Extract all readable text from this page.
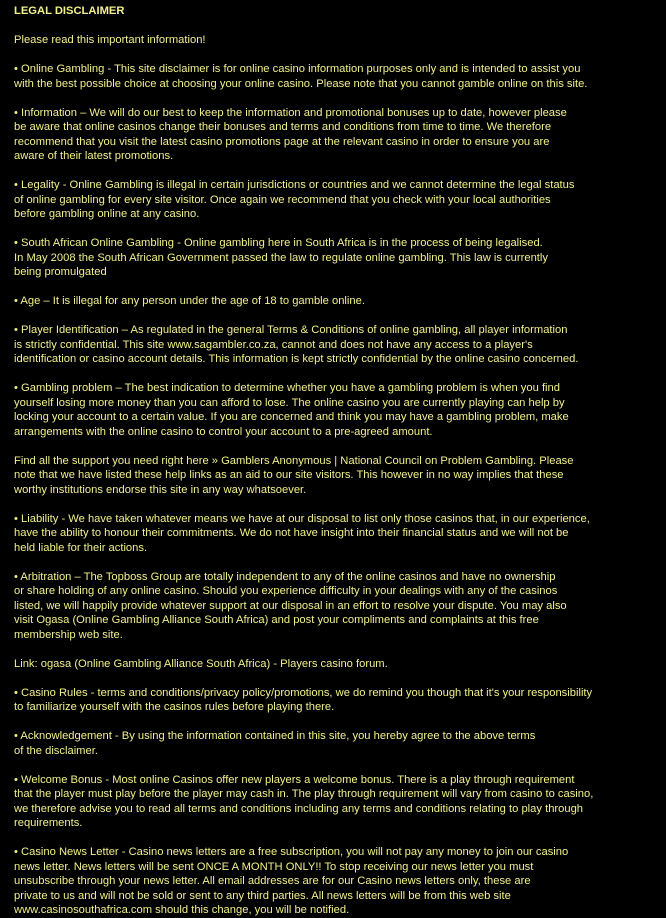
LEGAL DISCLAIMER
Please read this important information!
• Online Gambling - This site disclaimer is for online casino information purposes only and is intended to assist you
with the best possible choice at choosing your online casino. Please note that you cannot gamble online on this site.
• Information – We will do our best to keep the information and promotional bonuses up to date, however please
be aware that online casinos change their bonuses and terms and conditions from time to time. We therefore
recommend that you visit the latest casino promotions page at the relevant casino in order to ensure you are
aware of their latest promotions.
• Legality - Online Gambling is illegal in certain jurisdictions or countries and we cannot determine the legal status
of online gambling for every site visitor. Once again we recommend that you check with your local authorities
before gambling online at any casino.
• South African Online Gambling - Online gambling here in South Africa is in the process of being legalised.
In May 2008 the South African Government passed the law to regulate online gambling. This law is currently
being promulgated
• Age – It is illegal for any person under the age of 18 to gamble online.
• Player Identification – As regulated in the general Terms & Conditions of online gambling, all player information
is strictly confidential. This site www.sagambler.co.za, cannot and does not have any access to a player's
identification or casino account details. This information is kept strictly confidential by the online casino concerned.
• Gambling problem – The best indication to determine whether you have a gambling problem is when you find
yourself losing more money than you can afford to lose. The online casino you are currently playing can help by
locking your account to a certain value. If you are concerned and think you may have a gambling problem, make
arrangements with the online casino to control your account to a pre-agreed amount.
Find all the support you need right here » Gamblers Anonymous | National Council on Problem Gambling. Please
note that we have listed these help links as an aid to our site visitors. This however in no way implies that these
worthy institutions endorse this site in any way whatsoever.
• Liability - We have taken whatever means we have at our disposal to list only those casinos that, in our experience,
have the ability to honour their commitments. We do not have insight into their financial status and we will not be
held liable for their actions.
• Arbitration – The Topboss Group are totally independent to any of the online casinos and have no ownership
or share holding of any online casino. Should you experience difficulty in your dealings with any of the casinos
listed, we will happily provide whatever support at our disposal in an effort to resolve your dispute. You may also
visit Ogasa (Online Gambling Alliance South Africa) and post your compliments and complaints at this free
membership web site.
Link: ogasa (Online Gambling Alliance South Africa) - Players casino forum.
• Casino Rules - terms and conditions/privacy policy/promotions, we do remind you though that it's your responsibility
to familiarize yourself with the casinos rules before playing there.
• Acknowledgement - By using the information contained in this site, you hereby agree to the above terms
of the disclaimer.
• Welcome Bonus - Most online Casinos offer new players a welcome bonus. There is a play through requirement
that the player must play before the player may cash in. The play through requirement will vary from casino to casino,
we therefore advise you to read all terms and conditions including any terms and conditions relating to play through
requirements.
• Casino News Letter - Casino news letters are a free subscription, you will not pay any money to join our casino
news letter. News letters will be sent ONCE A MONTH ONLY!! To stop receiving our news letter you must
unsubscribe through your news letter. All email addresses are for our Casino news letters only, these are
private to us and will not be sold or sent to any third parties. All news letters will be from this web site
www.casinosouthafrica.com should this change, you will be notified.
